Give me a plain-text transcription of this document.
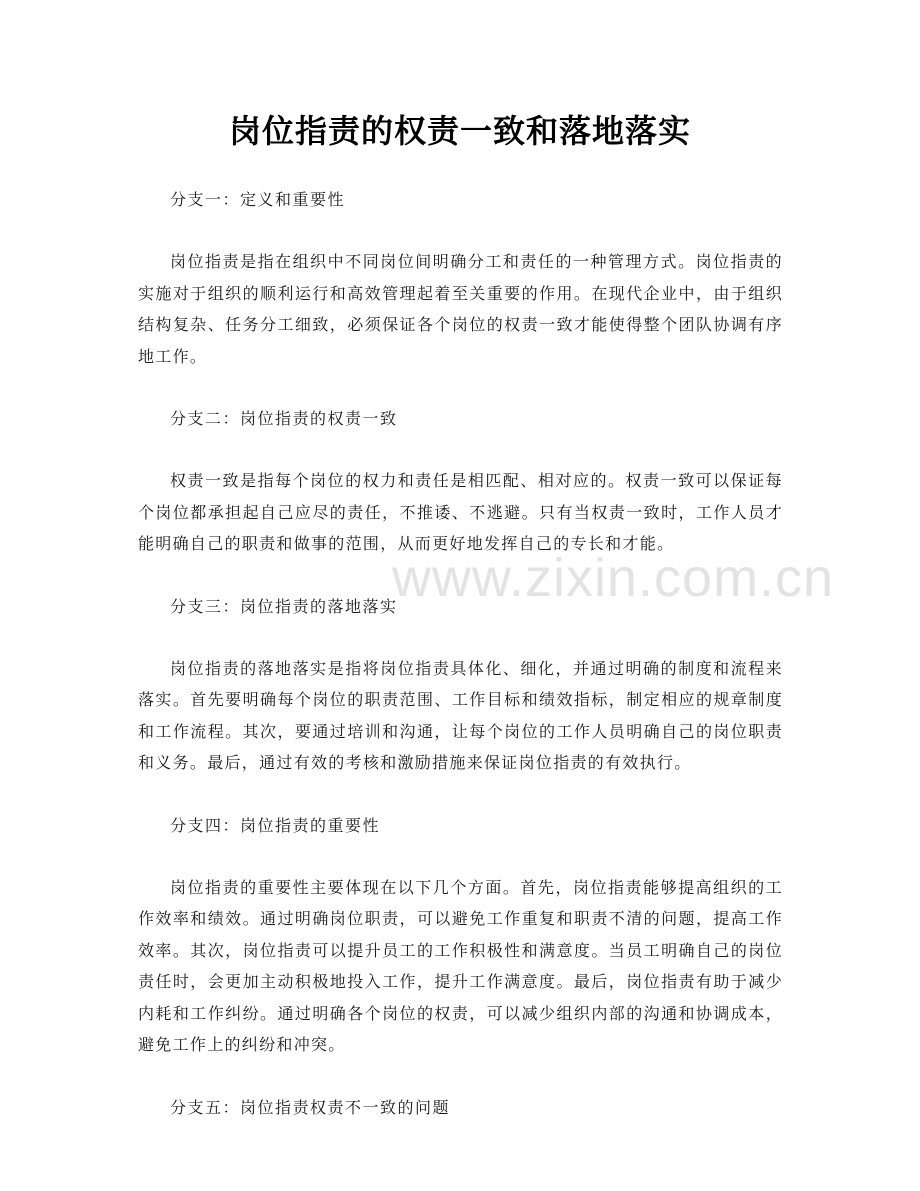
岗位指责的权责一致和落地落实
分支一：定义和重要性
岗位指责是指在组织中不同岗位间明确分工和责任的一种管理方式。岗位指责的实施对于组织的顺利运行和高效管理起着至关重要的作用。在现代企业中，由于组织结构复杂、任务分工细致，必须保证各个岗位的权责一致才能使得整个团队协调有序地工作。
分支二：岗位指责的权责一致
权责一致是指每个岗位的权力和责任是相匹配、相对应的。权责一致可以保证每个岗位都承担起自己应尽的责任，不推诿、不逃避。只有当权责一致时，工作人员才能明确自己的职责和做事的范围，从而更好地发挥自己的专长和才能。
分支三：岗位指责的落地落实
岗位指责的落地落实是指将岗位指责具体化、细化，并通过明确的制度和流程来落实。首先要明确每个岗位的职责范围、工作目标和绩效指标，制定相应的规章制度和工作流程。其次，要通过培训和沟通，让每个岗位的工作人员明确自己的岗位职责和义务。最后，通过有效的考核和激励措施来保证岗位指责的有效执行。
分支四：岗位指责的重要性
岗位指责的重要性主要体现在以下几个方面。首先，岗位指责能够提高组织的工作效率和绩效。通过明确岗位职责，可以避免工作重复和职责不清的问题，提高工作效率。其次，岗位指责可以提升员工的工作积极性和满意度。当员工明确自己的岗位责任时，会更加主动积极地投入工作，提升工作满意度。最后，岗位指责有助于减少内耗和工作纠纷。通过明确各个岗位的权责，可以减少组织内部的沟通和协调成本，避免工作上的纠纷和冲突。
分支五：岗位指责权责不一致的问题
www.zixin.com.cn
